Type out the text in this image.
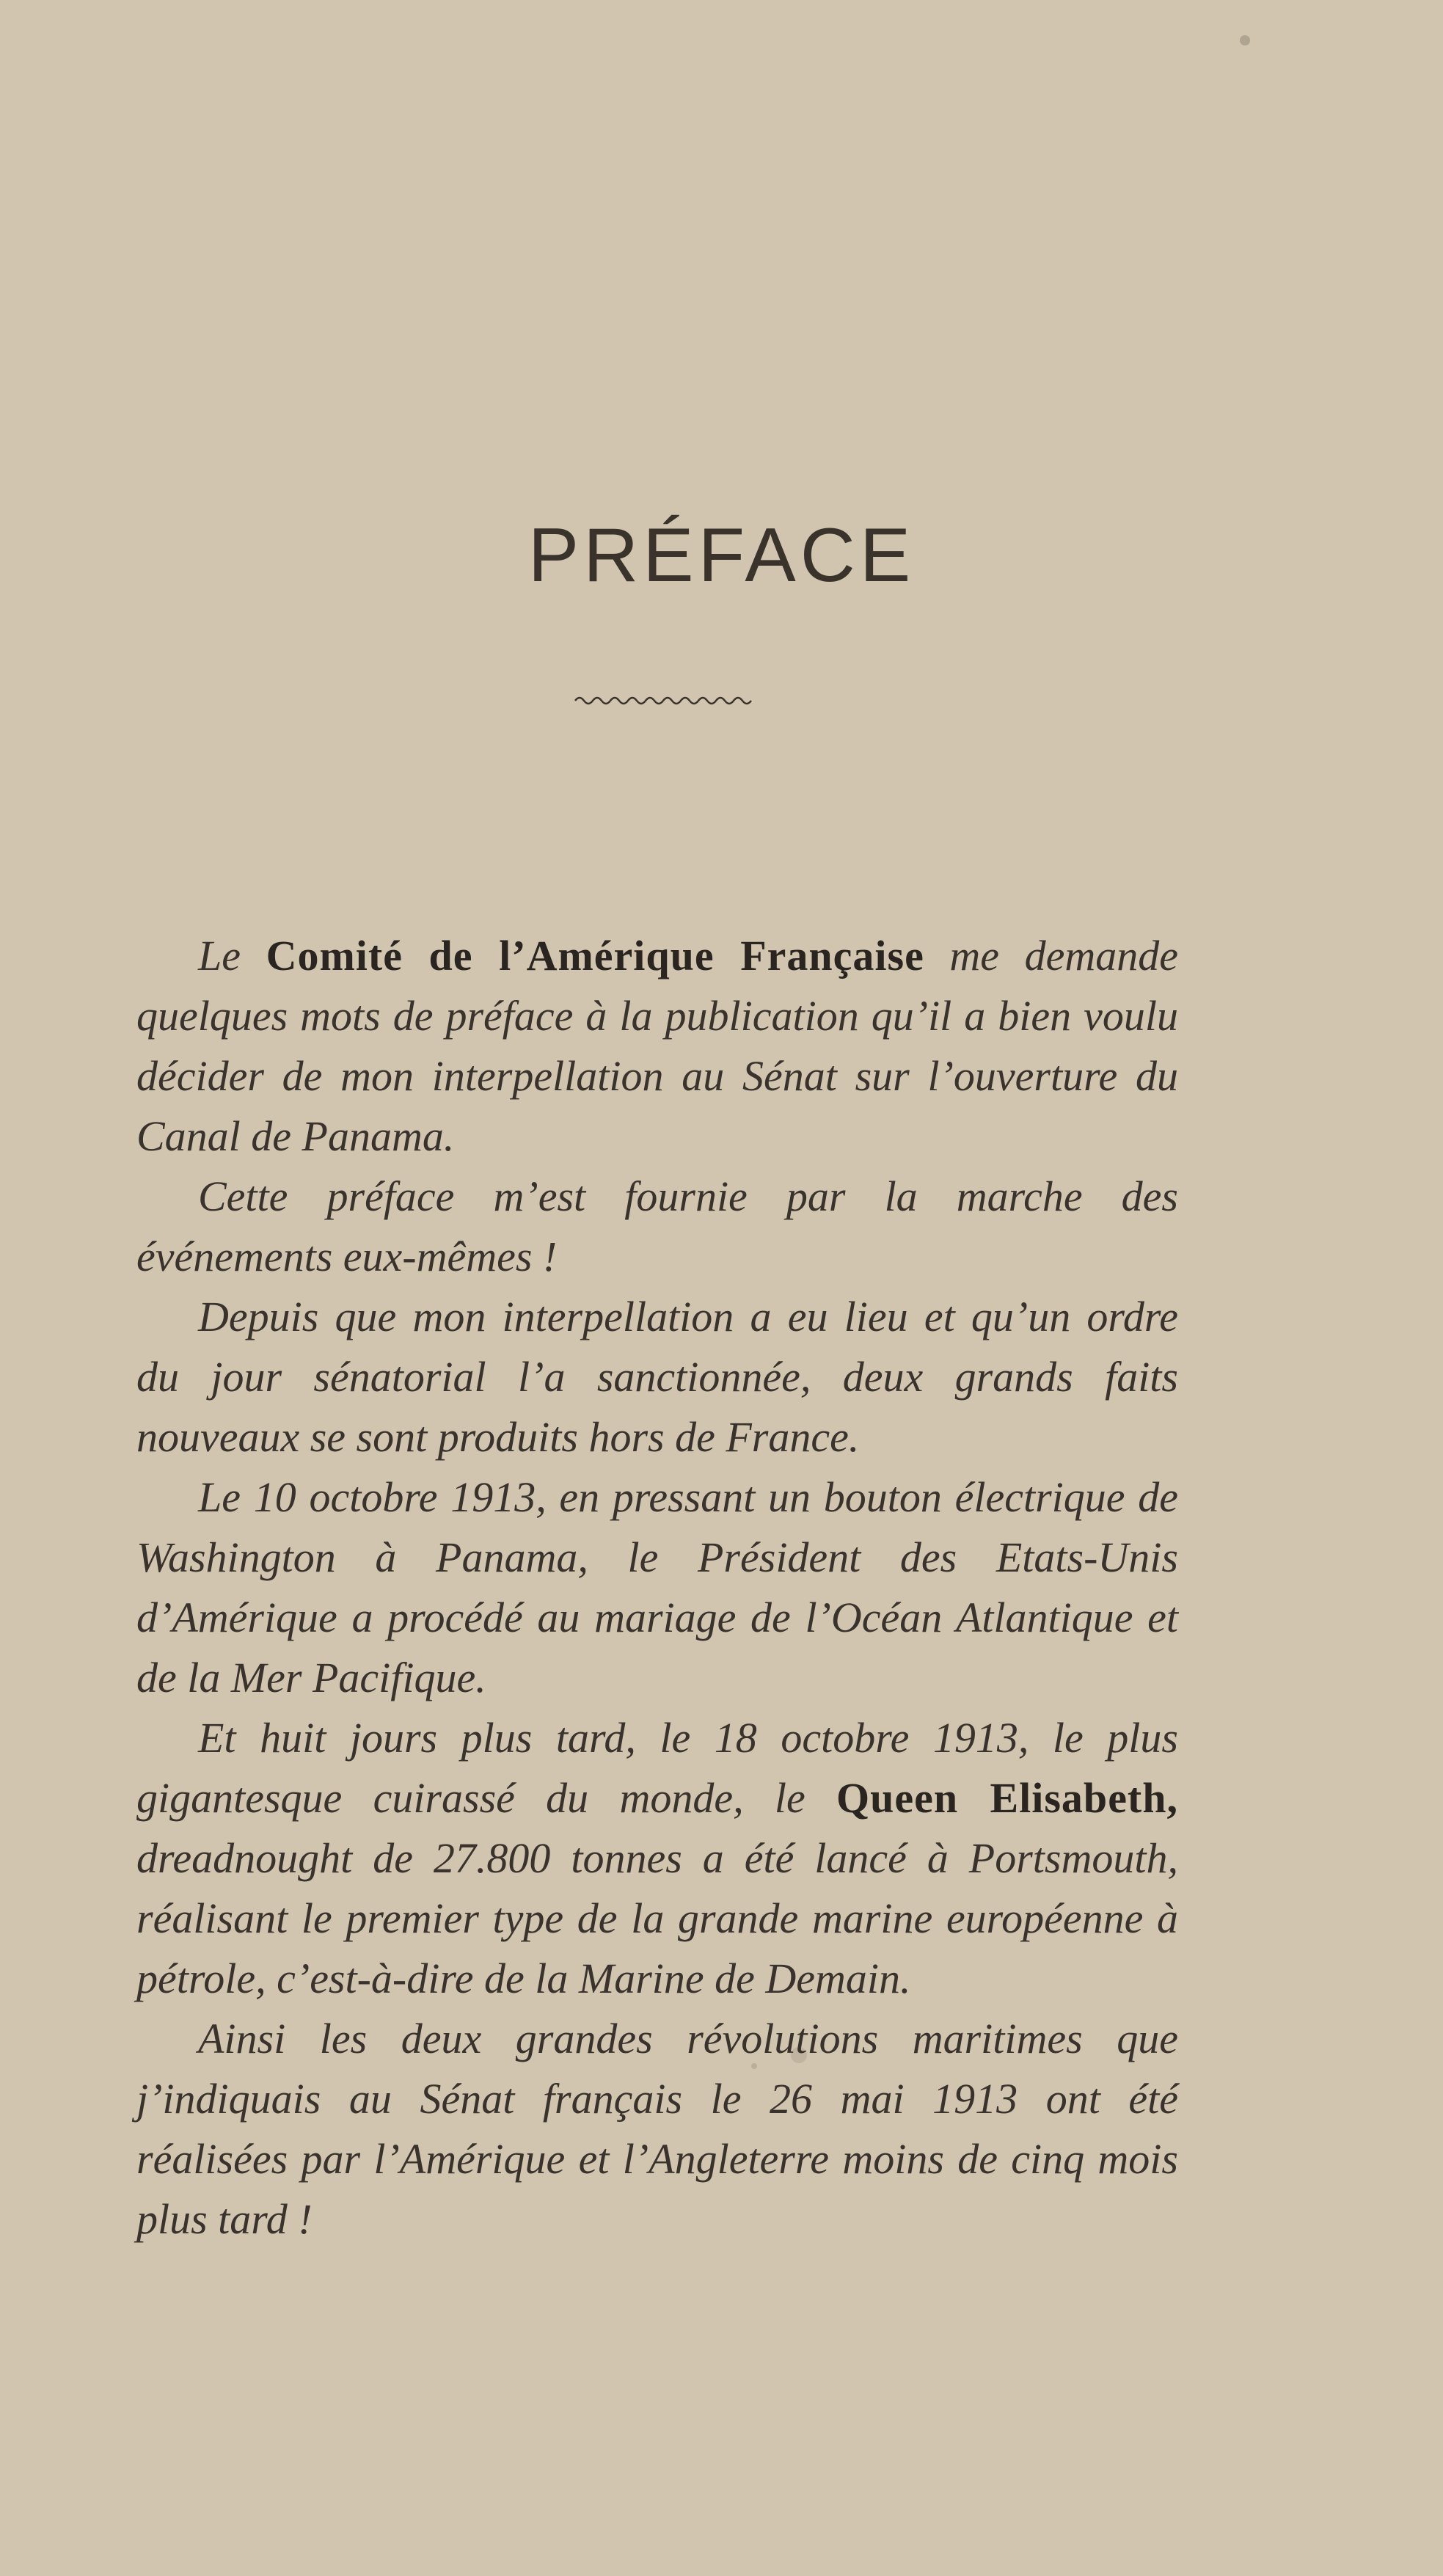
PRÉFACE

Le Comité de l’Amérique Française me demande quelques mots de préface à la publication qu’il a bien voulu décider de mon interpellation au Sénat sur l’ouverture du Canal de Panama.

Cette préface m’est fournie par la marche des événements eux-mêmes !

Depuis que mon interpellation a eu lieu et qu’un ordre du jour sénatorial l’a sanctionnée, deux grands faits nouveaux se sont produits hors de France.

Le 10 octobre 1913, en pressant un bouton électrique de Washington à Panama, le Président des Etats-Unis d’Amérique a procédé au mariage de l’Océan Atlantique et de la Mer Pacifique.

Et huit jours plus tard, le 18 octobre 1913, le plus gigantesque cuirassé du monde, le Queen Elisabeth, dreadnought de 27.800 tonnes a été lancé à Portsmouth, réalisant le premier type de la grande marine européenne à pétrole, c’est-à-dire de la Marine de Demain.

Ainsi les deux grandes révolutions maritimes que j’indiquais au Sénat français le 26 mai 1913 ont été réalisées par l’Amérique et l’Angleterre moins de cinq mois plus tard !
